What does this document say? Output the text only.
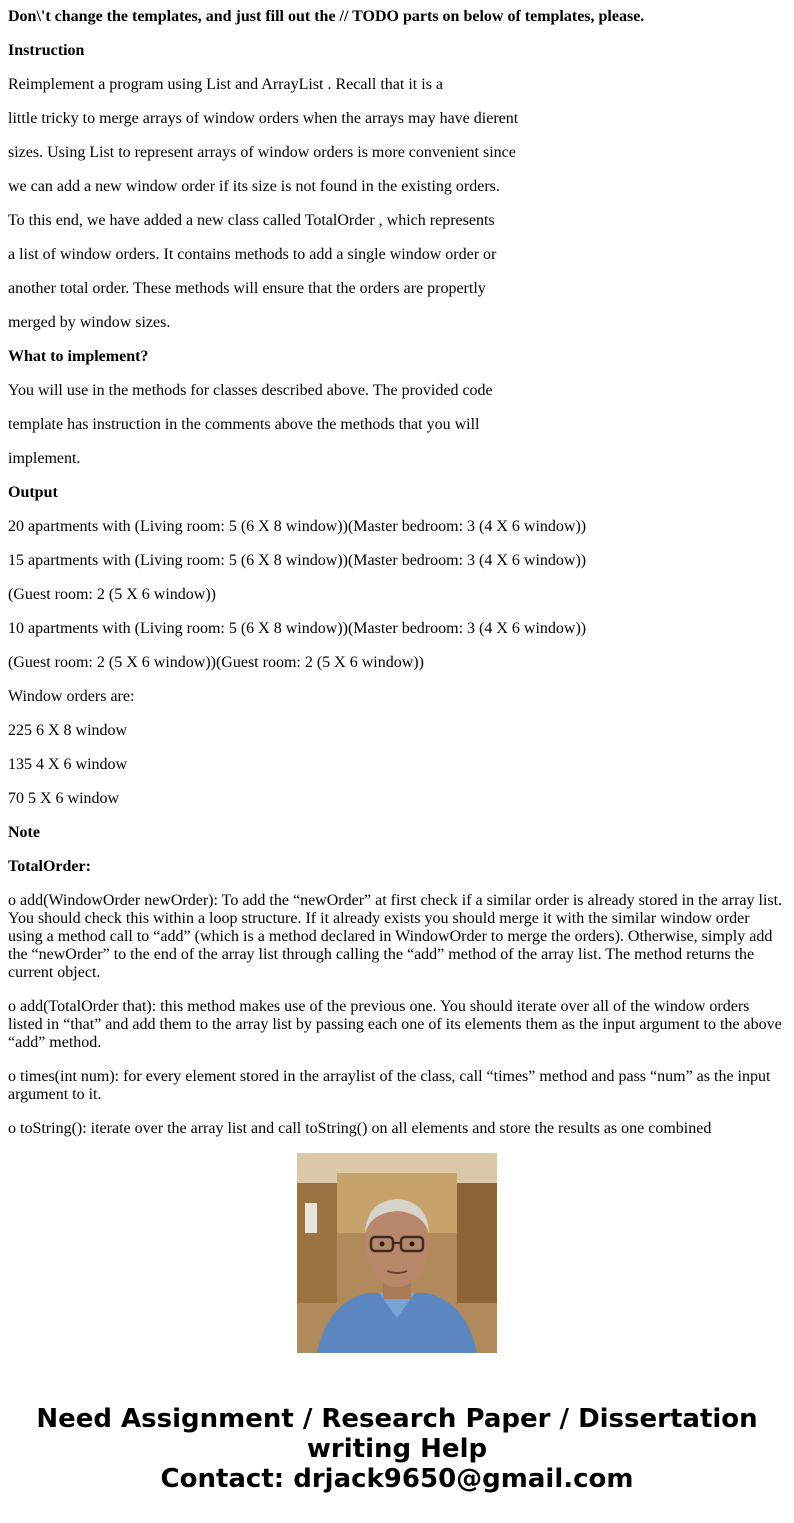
Don\'t change the templates, and just fill out the // TODO parts on below of templates, please.

Instruction

Reimplement a program using List and ArrayList . Recall that it is a

little tricky to merge arrays of window orders when the arrays may have dierent

sizes. Using List to represent arrays of window orders is more convenient since

we can add a new window order if its size is not found in the existing orders.

To this end, we have added a new class called TotalOrder , which represents

a list of window orders. It contains methods to add a single window order or

another total order. These methods will ensure that the orders are propertly

merged by window sizes.

What to implement?

You will use in the methods for classes described above. The provided code

template has instruction in the comments above the methods that you will

implement.

Output

20 apartments with (Living room: 5 (6 X 8 window))(Master bedroom: 3 (4 X 6 window))

15 apartments with (Living room: 5 (6 X 8 window))(Master bedroom: 3 (4 X 6 window))

(Guest room: 2 (5 X 6 window))

10 apartments with (Living room: 5 (6 X 8 window))(Master bedroom: 3 (4 X 6 window))

(Guest room: 2 (5 X 6 window))(Guest room: 2 (5 X 6 window))

Window orders are:

225 6 X 8 window

135 4 X 6 window

70 5 X 6 window

Note

TotalOrder:

o add(WindowOrder newOrder): To add the “newOrder” at first check if a similar order is already stored in the array list. You should check this within a loop structure. If it already exists you should merge it with the similar window order using a method call to “add” (which is a method declared in WindowOrder to merge the orders). Otherwise, simply add the “newOrder” to the end of the array list through calling the “add” method of the array list. The method returns the current object.

o add(TotalOrder that): this method makes use of the previous one. You should iterate over all of the window orders listed in “that” and add them to the array list by passing each one of its elements them as the input argument to the above “add” method.

o times(int num): for every element stored in the arraylist of the class, call “times” method and pass “num” as the input argument to it.

o toString(): iterate over the array list and call toString() on all elements and store the results as one combined

Need Assignment / Research Paper / Dissertation
writing Help
Contact: drjack9650@gmail.com
